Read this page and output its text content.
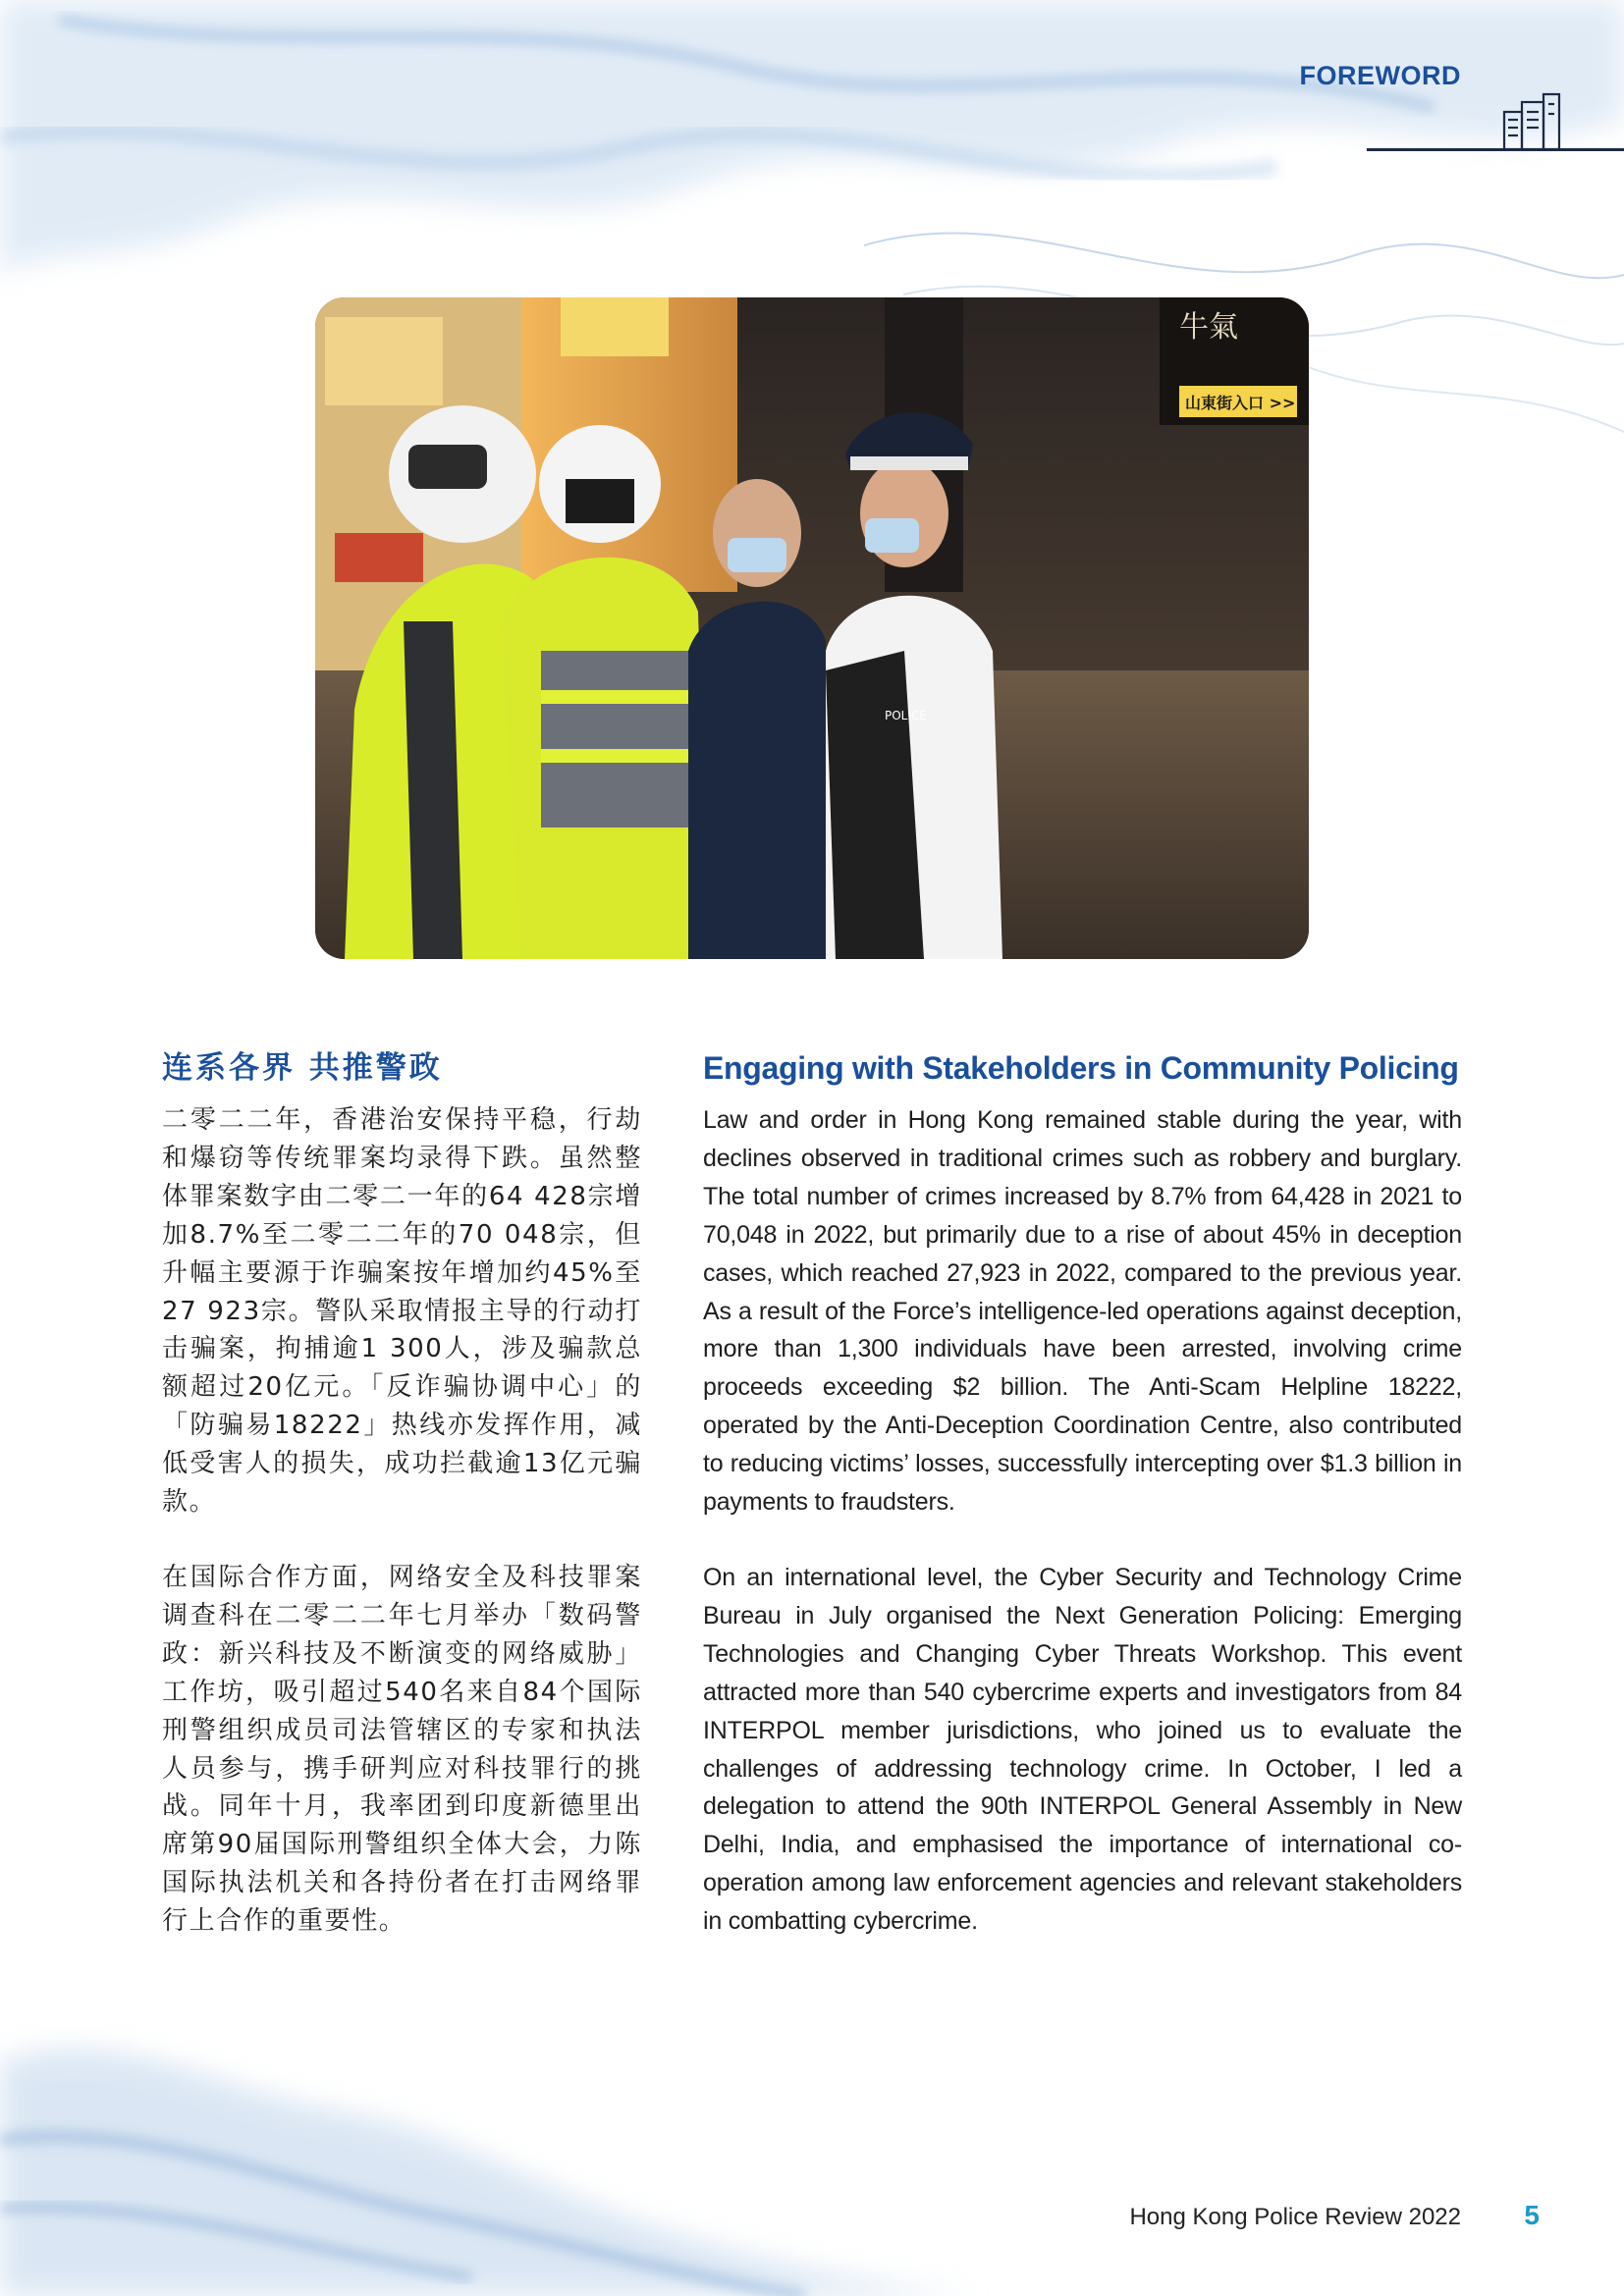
FOREWORD
牛氣
山東街入口 >>
POLICE
连系各界 共推警政

二零二二年，香港治安保持平稳，行劫和爆窃等传统罪案均录得下跌。虽然整体罪案数字由二零二一年的64 428宗增加8.7%至二零二二年的70 048宗，但升幅主要源于诈骗案按年增加约45%至27 923宗。警队采取情报主导的行动打击骗案，拘捕逾1 300人，涉及骗款总额超过20亿元。「反诈骗协调中心」的「防骗易18222」热线亦发挥作用，减低受害人的损失，成功拦截逾13亿元骗款。

在国际合作方面，网络安全及科技罪案调查科在二零二二年七月举办「数码警政：新兴科技及不断演变的网络威胁」工作坊，吸引超过540名来自84个国际刑警组织成员司法管辖区的专家和执法人员参与，携手研判应对科技罪行的挑战。同年十月，我率团到印度新德里出席第90届国际刑警组织全体大会，力陈国际执法机关和各持份者在打击网络罪行上合作的重要性。

Engaging with Stakeholders in Community Policing

Law and order in Hong Kong remained stable during the year, with declines observed in traditional crimes such as robbery and burglary. The total number of crimes increased by 8.7% from 64,428 in 2021 to 70,048 in 2022, but primarily due to a rise of about 45% in deception cases, which reached 27,923 in 2022, compared to the previous year. As a result of the Force’s intelligence-led operations against deception, more than 1,300 individuals have been arrested, involving crime proceeds exceeding $2 billion. The Anti-Scam Helpline 18222, operated by the Anti-Deception Coordination Centre, also contributed to reducing victims’ losses, successfully intercepting over $1.3 billion in payments to fraudsters.

On an international level, the Cyber Security and Technology Crime Bureau in July organised the Next Generation Policing: Emerging Technologies and Changing Cyber Threats Workshop. This event attracted more than 540 cybercrime experts and investigators from 84 INTERPOL member jurisdictions, who joined us to evaluate the challenges of addressing technology crime. In October, I led a delegation to attend the 90th INTERPOL General Assembly in New Delhi, India, and emphasised the importance of international co-operation among law enforcement agencies and relevant stakeholders in combatting cybercrime.

Hong Kong Police Review 2022 5
